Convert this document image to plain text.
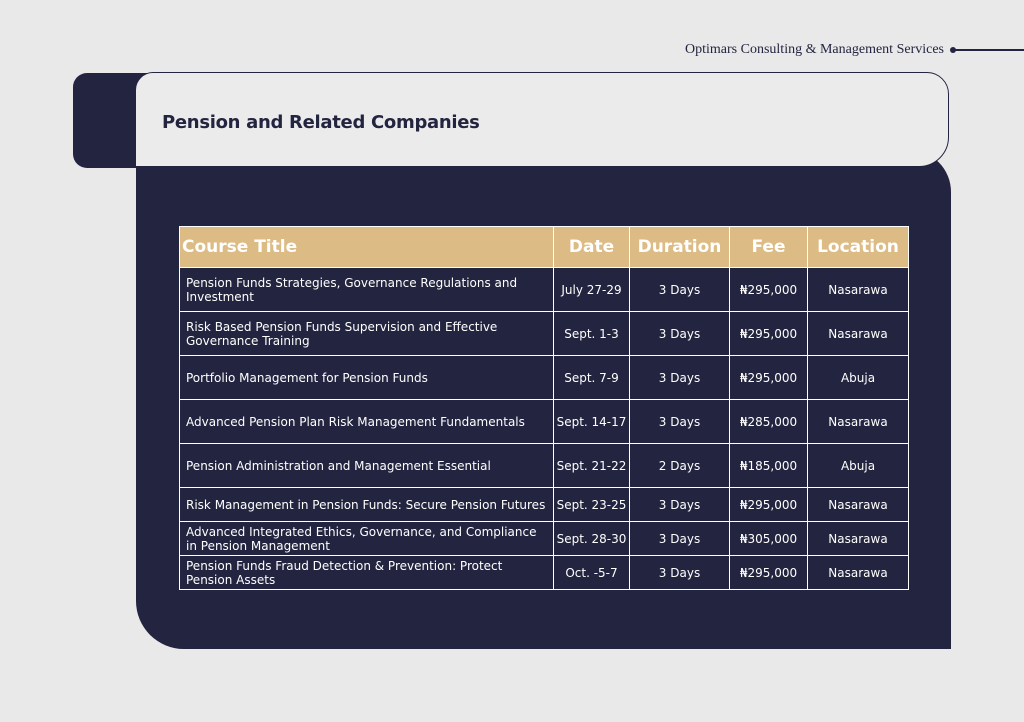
Optimars Consulting & Management Services
Pension and Related Companies
Course Title	Date	Duration	Fee	Location
Pension Funds Strategies, Governance Regulations and Investment	July 27-29	3 Days	₦295,000	Nasarawa
Risk Based Pension Funds Supervision and Effective Governance Training	Sept. 1-3	3 Days	₦295,000	Nasarawa
Portfolio Management for Pension Funds	Sept. 7-9	3 Days	₦295,000	Abuja
Advanced Pension Plan Risk Management Fundamentals	Sept. 14-17	3 Days	₦285,000	Nasarawa
Pension Administration and Management Essential	Sept. 21-22	2 Days	₦185,000	Abuja
Risk Management in Pension Funds: Secure Pension Futures	Sept. 23-25	3 Days	₦295,000	Nasarawa
Advanced Integrated Ethics, Governance, and Compliance in Pension Management	Sept. 28-30	3 Days	₦305,000	Nasarawa
Pension Funds Fraud Detection & Prevention: Protect Pension Assets	Oct. -5-7	3 Days	₦295,000	Nasarawa
